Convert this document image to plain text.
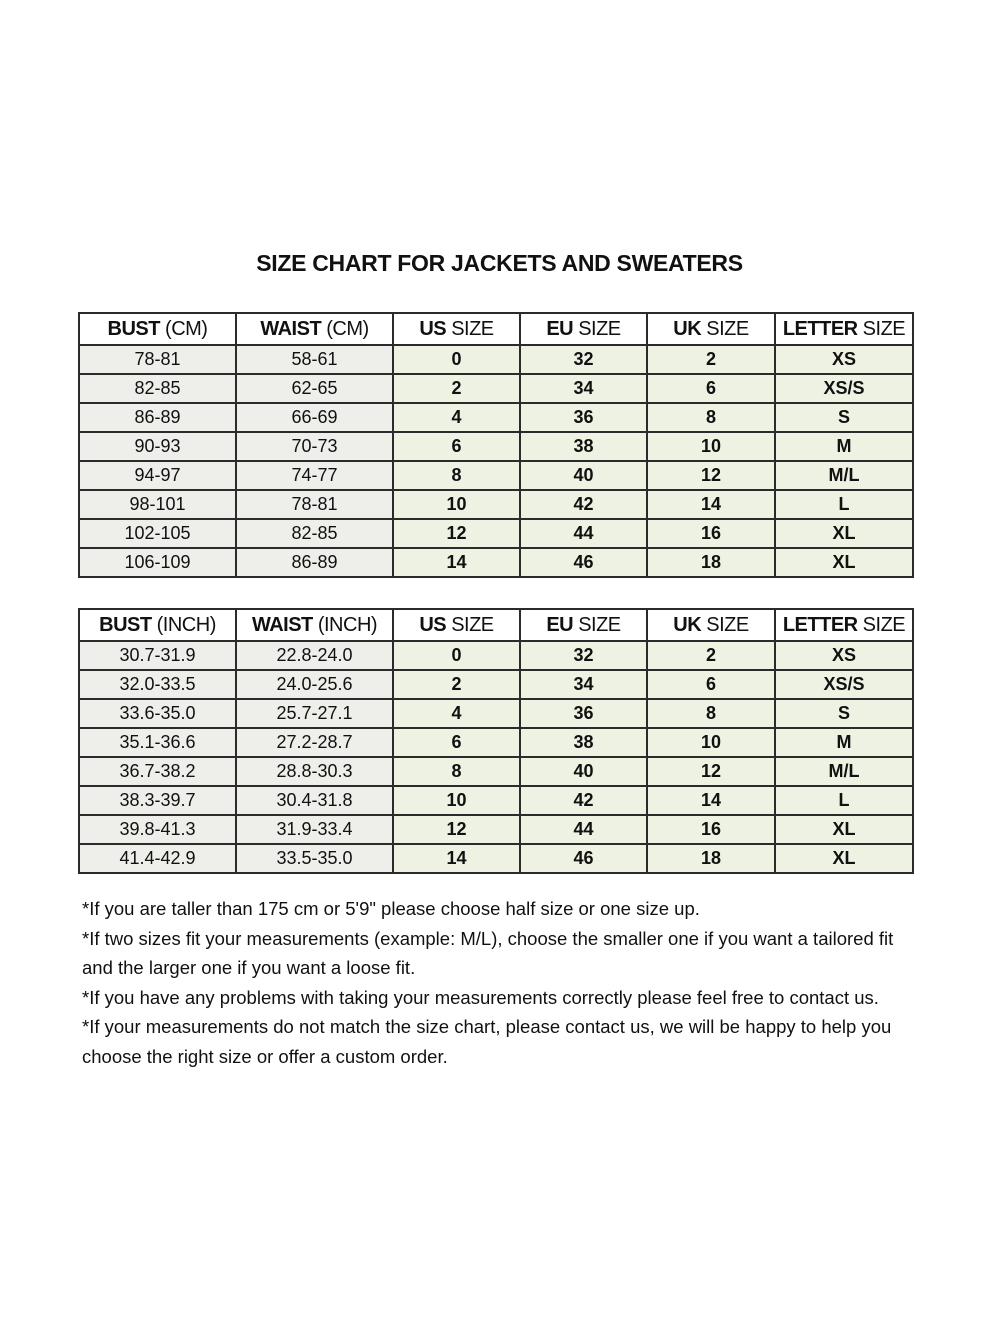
SIZE CHART FOR JACKETS AND SWEATERS
BUST (CM)	WAIST (CM)	US SIZE	EU SIZE	UK SIZE	LETTER SIZE
78-81	58-61	0	32	2	XS
82-85	62-65	2	34	6	XS/S
86-89	66-69	4	36	8	S
90-93	70-73	6	38	10	M
94-97	74-77	8	40	12	M/L
98-101	78-81	10	42	14	L
102-105	82-85	12	44	16	XL
106-109	86-89	14	46	18	XL
BUST (INCH)	WAIST (INCH)	US SIZE	EU SIZE	UK SIZE	LETTER SIZE
30.7-31.9	22.8-24.0	0	32	2	XS
32.0-33.5	24.0-25.6	2	34	6	XS/S
33.6-35.0	25.7-27.1	4	36	8	S
35.1-36.6	27.2-28.7	6	38	10	M
36.7-38.2	28.8-30.3	8	40	12	M/L
38.3-39.7	30.4-31.8	10	42	14	L
39.8-41.3	31.9-33.4	12	44	16	XL
41.4-42.9	33.5-35.0	14	46	18	XL

*If you are taller than 175 cm or 5'9" please choose half size or one size up.

*If two sizes fit your measurements (example: M/L), choose the smaller one if you want a tailored fit and the larger one if you want a loose fit.

*If you have any problems with taking your measurements correctly please feel free to contact us.

*If your measurements do not match the size chart, please contact us, we will be happy to help you choose the right size or offer a custom order.
